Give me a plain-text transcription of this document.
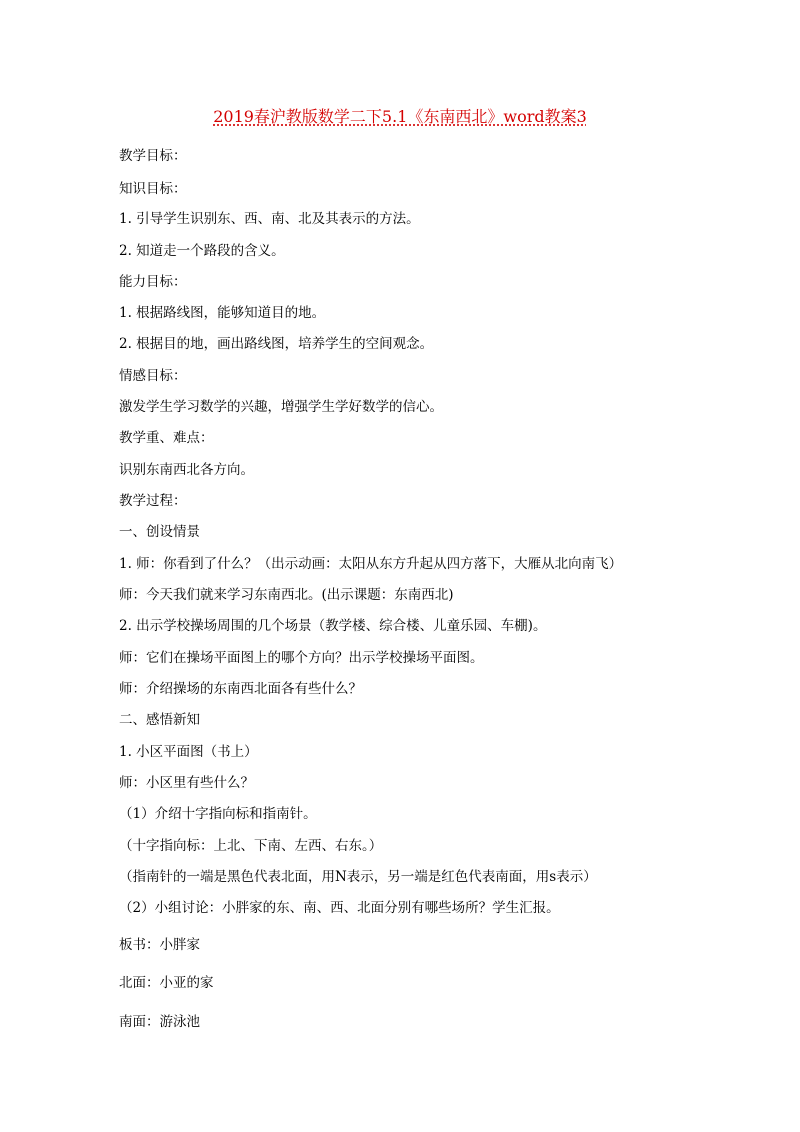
2019春沪教版数学二下5.1《东南西北》word教案3
教学目标：
知识目标：
1. 引导学生识别东、西、南、北及其表示的方法。
2. 知道走一个路段的含义。
能力目标：
1. 根据路线图，能够知道目的地。
2. 根据目的地，画出路线图，培养学生的空间观念。
情感目标：
激发学生学习数学的兴趣，增强学生学好数学的信心。
教学重、难点：
识别东南西北各方向。
教学过程：
一、创设情景
1. 师：你看到了什么？（出示动画：太阳从东方升起从四方落下，大雁从北向南飞）
师：今天我们就来学习东南西北。(出示课题：东南西北)
2. 出示学校操场周围的几个场景（教学楼、综合楼、儿童乐园、车棚)。
师：它们在操场平面图上的哪个方向？出示学校操场平面图。
师：介绍操场的东南西北面各有些什么？
二、感悟新知
1. 小区平面图（书上）
师：小区里有些什么？
（1）介绍十字指向标和指南针。
（十字指向标：上北、下南、左西、右东。）
（指南针的一端是黑色代表北面，用N表示，另一端是红色代表南面，用s表示）
（2）小组讨论：小胖家的东、南、西、北面分别有哪些场所？学生汇报。
板书：小胖家
北面：小亚的家
南面：游泳池
